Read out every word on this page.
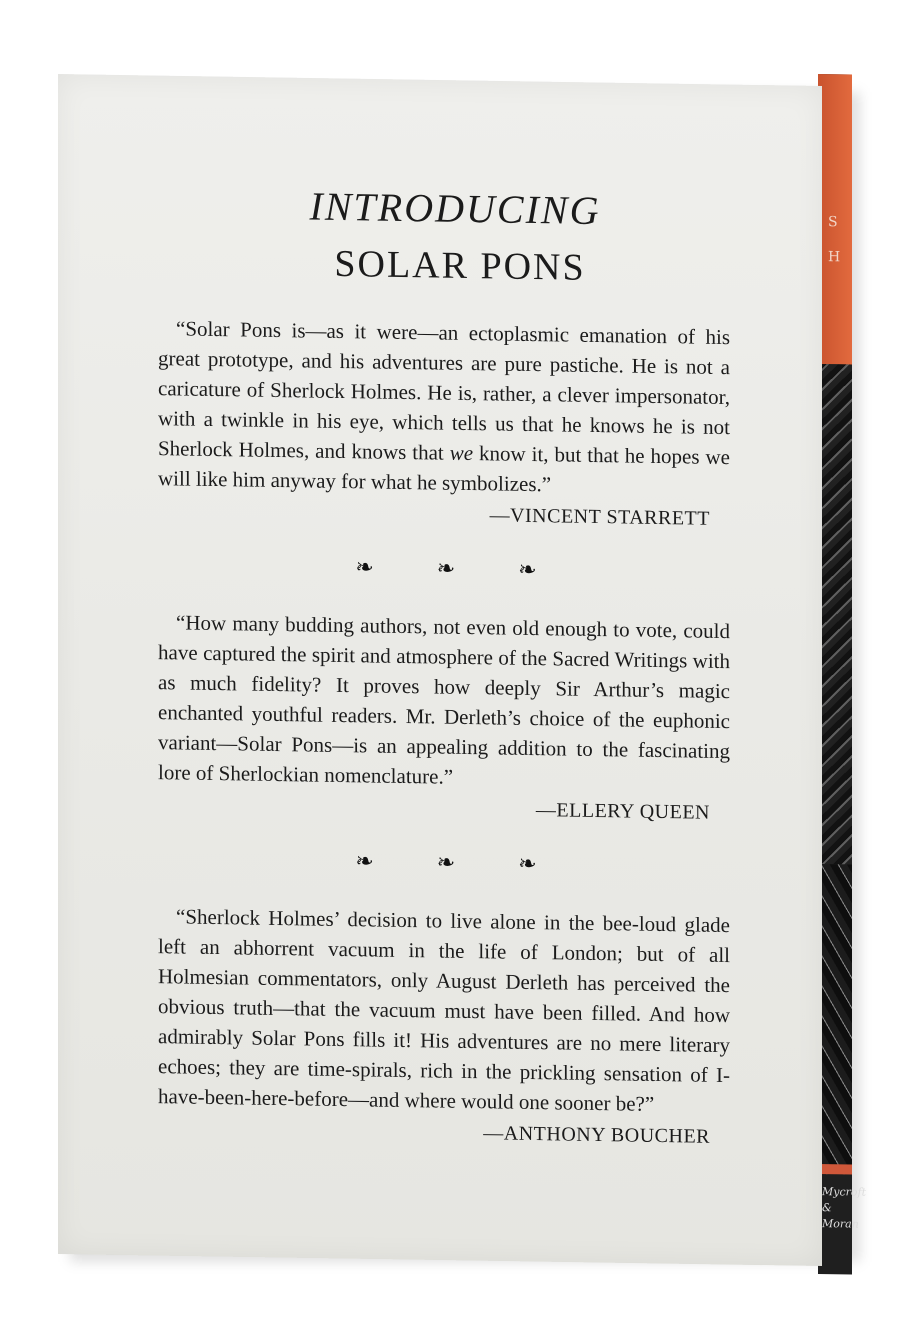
S
H
Mycroft
& Moran
INTRODUCING
SOLAR PONS

“Solar Pons is—as it were—an ectoplasmic emanation of his great prototype, and his adventures are pure pastiche. He is not a caricature of Sherlock Holmes. He is, rather, a clever impersonator, with a twinkle in his eye, which tells us that he knows he is not Sherlock Holmes, and knows that we know it, but that he hopes we will like him anyway for what he symbolizes.”

—VINCENT STARRETT
❧ ❧ ❧

“How many budding authors, not even old enough to vote, could have captured the spirit and atmosphere of the Sacred Writings with as much fidelity? It proves how deeply Sir Arthur’s magic enchanted youthful readers. Mr. Derleth’s choice of the euphonic variant—Solar Pons—is an appealing addition to the fascinating lore of Sherlockian nomenclature.”

—ELLERY QUEEN
❧ ❧ ❧

“Sherlock Holmes’ decision to live alone in the bee-loud glade left an abhorrent vacuum in the life of London; but of all Holmesian commentators, only August Derleth has perceived the obvious truth—that the vacuum must have been filled. And how admirably Solar Pons fills it! His adventures are no mere literary echoes; they are time-spirals, rich in the prickling sensation of I-have-been-here-before—and where would one sooner be?”

—ANTHONY BOUCHER
